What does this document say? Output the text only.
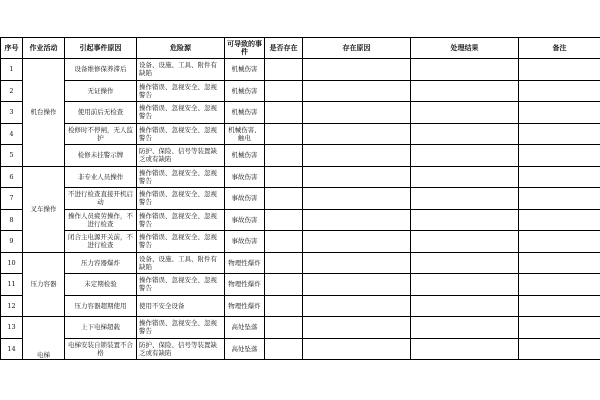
序号	作业活动	引起事件原因	危险源	可导致的事件	是否存在	存在原因	处理结果	备注
1	机台操作	设备维修保养滞后	设备、设施、工具、附件有缺陷	机械伤害				
2		无证操作	操作错误、忽视安全、忽视警告	机械伤害				
3		使用前后无检查	操作错误、忽视安全、忽视警告	机械伤害				
4		检修时不停闸，无人监护	操作错误、忽视安全、忽视警告	机械伤害、触电				
5		检修未挂警示牌	防护、保险、信号等装置缺乏或有缺陷	机械伤害				
6	叉车操作	非专业人员操作	操作错误、忽视安全、忽视警告	事故伤害				
7		不进行检查直接开机启动	操作错误、忽视安全、忽视警告	事故伤害				
8		操作人员疲劳操作，不进行检查	操作错误、忽视安全、忽视警告	事故伤害				
9		闭合主电源开关前，不进行检查	操作错误、忽视安全、忽视警告	事故伤害				
10	压力容器	压力容器爆炸	设备、设施、工具、附件有缺陷	物理性爆炸				
11		未定期检验	操作错误、忽视安全、忽视警告	物理性爆炸				
12		压力容器超期使用	使用不安全设备	物理性爆炸				
13	电梯	上下电梯超载	操作错误、忽视安全、忽视警告	高处坠落				
14		电梯安装自锁装置不合格	防护、保险、信号等装置缺乏或有缺陷	高处坠落				
